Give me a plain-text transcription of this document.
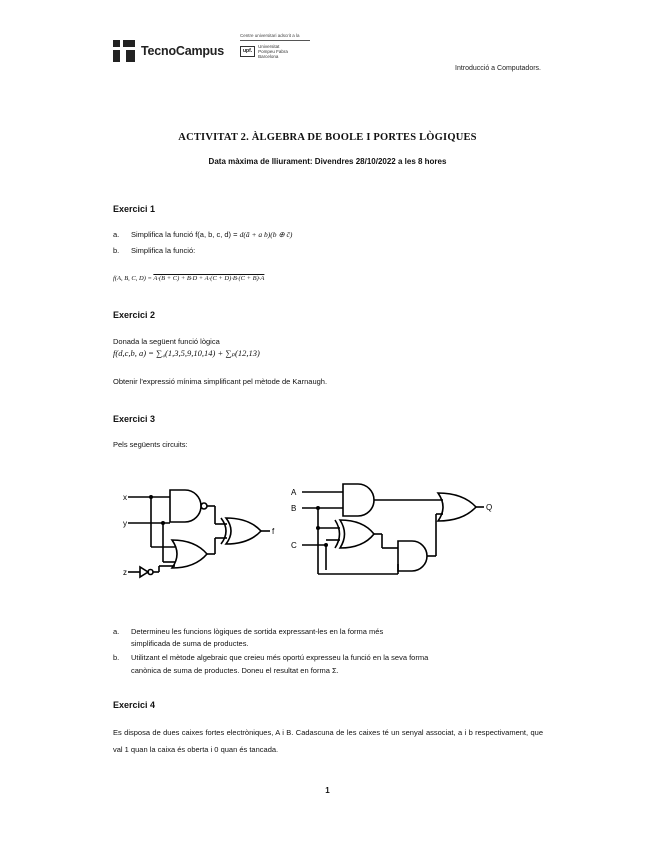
TecnoCampus
Centre universitari adscrit a la
upf.
Universitat
Pompeu Fabra
Barcelona
Introducció a Computadors.
ACTIVITAT 2. ÀLGEBRA DE BOOLE I PORTES LÒGIQUES
Data màxima de lliurament: Divendres 28/10/2022 a les 8 hores
Exercici 1
a. Simplifica la funció f(a, b, c, d) = d(ā + a b)(b ⊕ c̄)
b. Simplifica la funció:
f(A, B, C, D) = A·(B + C) + B·D + A·(C + D)·B·(C + B)·A
Exercici 2
Donada la següent funció lògica
f(d,c,b, a) = ∑₄(1,3,5,9,10,14) + ∑ₚ(12,13)
Obtenir l'expressió mínima simplificant pel mètode de Karnaugh.
Exercici 3
Pels següents circuits:
x
y
z
f
A
B
C
Q
a. Determineu les funcions lògiques de sortida expressant-les en la forma més
simplificada de suma de productes.
b. Utilitzant el mètode algebraic que creieu més oportú expresseu la funció en la seva forma
canònica de suma de productes. Doneu el resultat en forma Σ.
Exercici 4
Es disposa de dues caixes fortes electròniques, A i B. Cadascuna de les caixes té un senyal associat, a i b respectivament, que val 1 quan la caixa és oberta i 0 quan és tancada.
1
